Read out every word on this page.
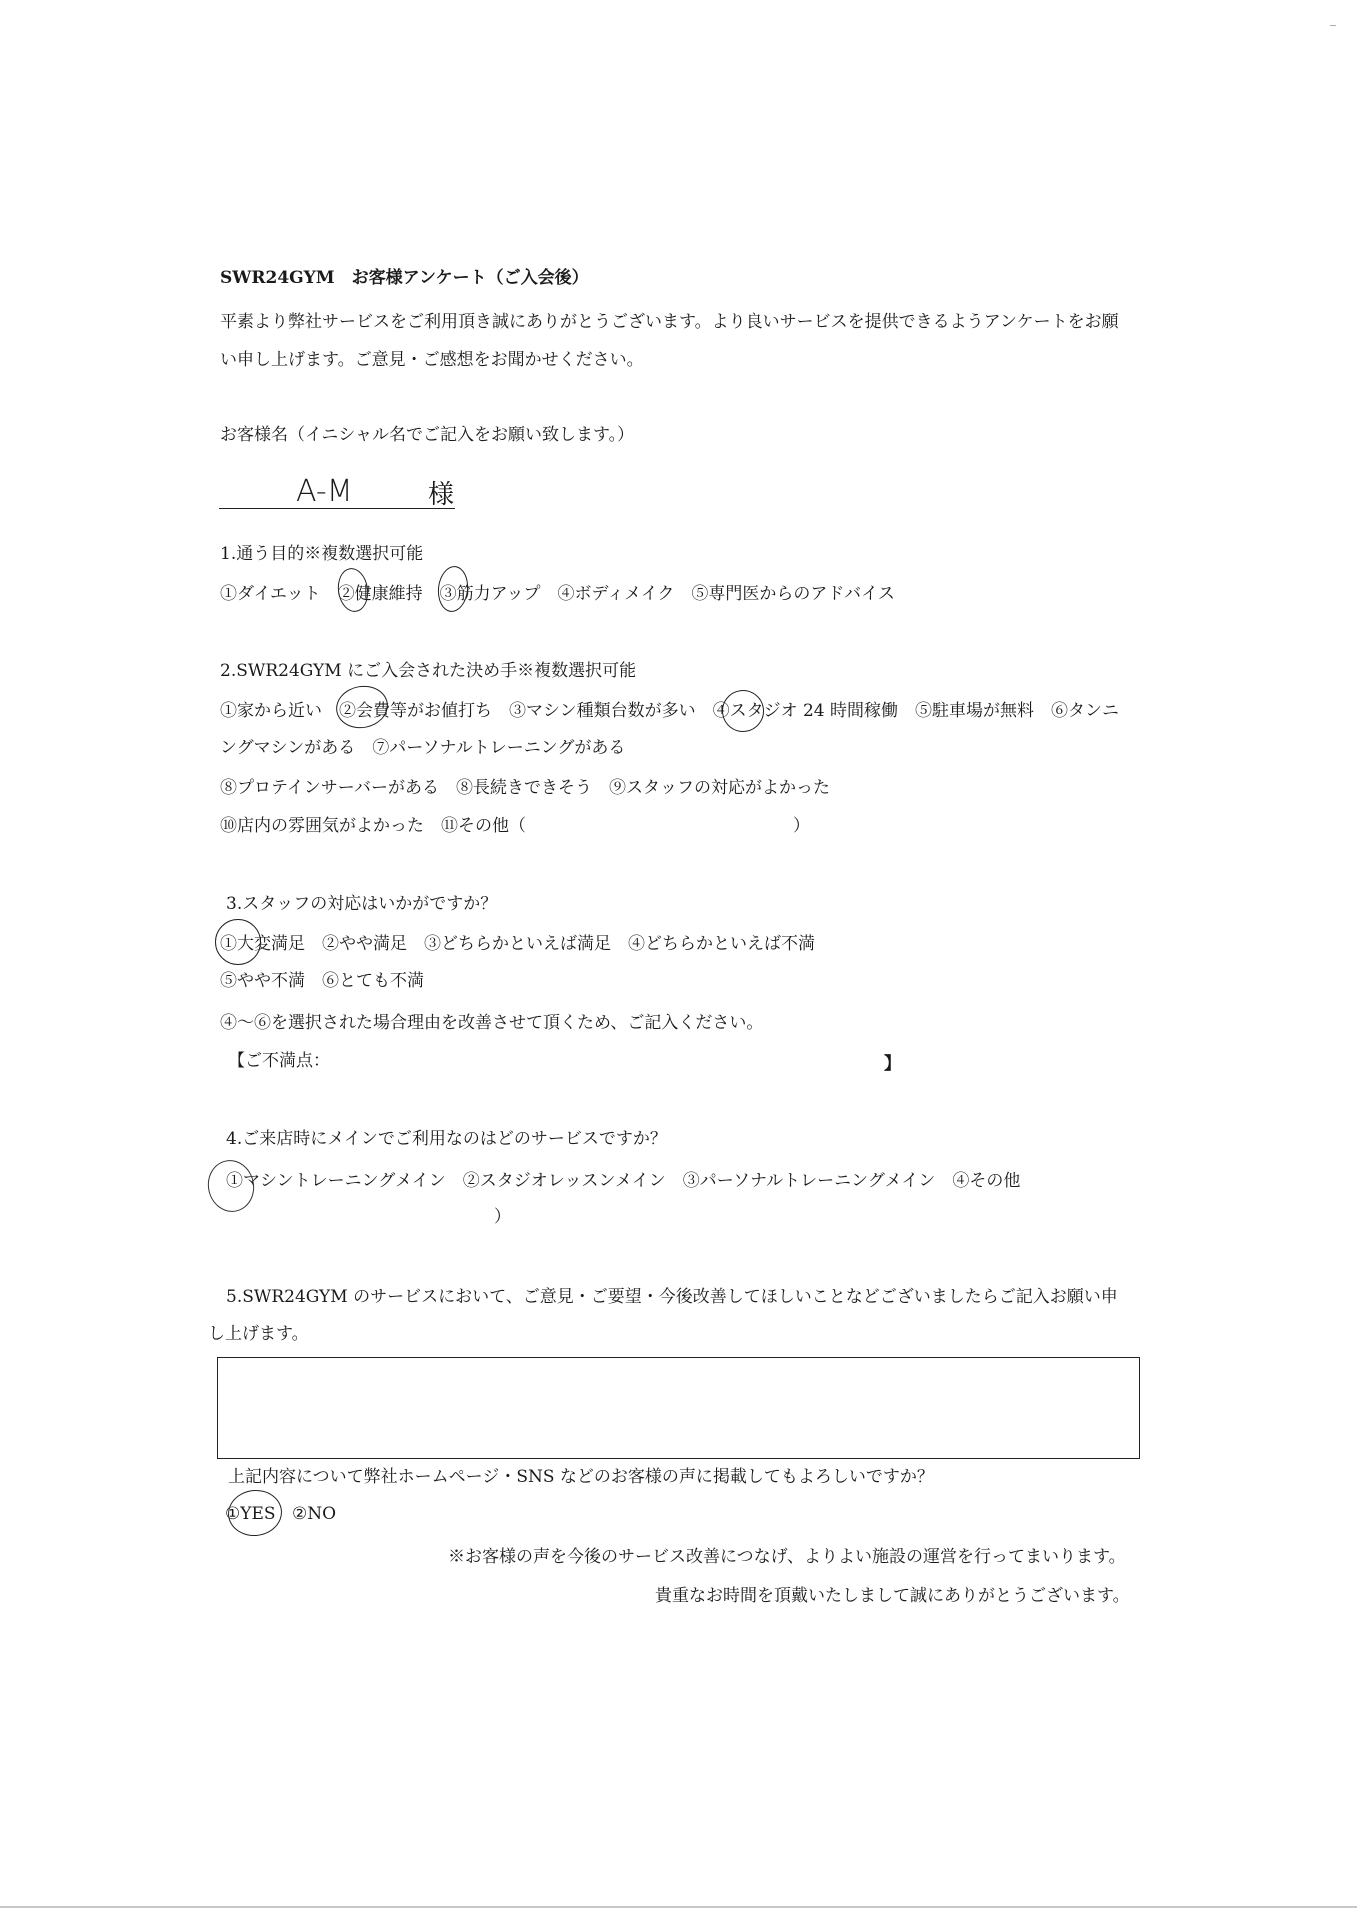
SWR24GYM　お客様アンケート（ご入会後）
平素より弊社サービスをご利用頂き誠にありがとうございます。より良いサービスを提供できるようアンケートをお願
い申し上げます。ご意見・ご感想をお聞かせください。
お客様名（イニシャル名でご記入をお願い致します。）
A-M	様
1.通う目的※複数選択可能
①ダイエット　②健康維持　③筋力アップ　④ボディメイク　⑤専門医からのアドバイス
2.SWR24GYM にご入会された決め手※複数選択可能
①家から近い　②会費等がお値打ち　③マシン種類台数が多い　④スタジオ 24 時間稼働　⑤駐車場が無料　⑥タンニ
ングマシンがある　⑦パーソナルトレーニングがある
⑧プロテインサーバーがある　⑧長続きできそう　⑨スタッフの対応がよかった
⑩店内の雰囲気がよかった　⑪その他（	）
3.スタッフの対応はいかがですか？
①大変満足　②やや満足　③どちらかといえば満足　④どちらかといえば不満
⑤やや不満　⑥とても不満
④～⑥を選択された場合理由を改善させて頂くため、ご記入ください。
【ご不満点：	】
4.ご来店時にメインでご利用なのはどのサービスですか？
①マシントレーニングメイン　②スタジオレッスンメイン　③パーソナルトレーニングメイン　④その他
）
5.SWR24GYM のサービスにおいて、ご意見・ご要望・今後改善してほしいことなどございましたらご記入お願い申
し上げます。
上記内容について弊社ホームページ・SNS などのお客様の声に掲載してもよろしいですか？
①YES ②NO
※お客様の声を今後のサービス改善につなげ、よりよい施設の運営を行ってまいります。
貴重なお時間を頂戴いたしまして誠にありがとうございます。
